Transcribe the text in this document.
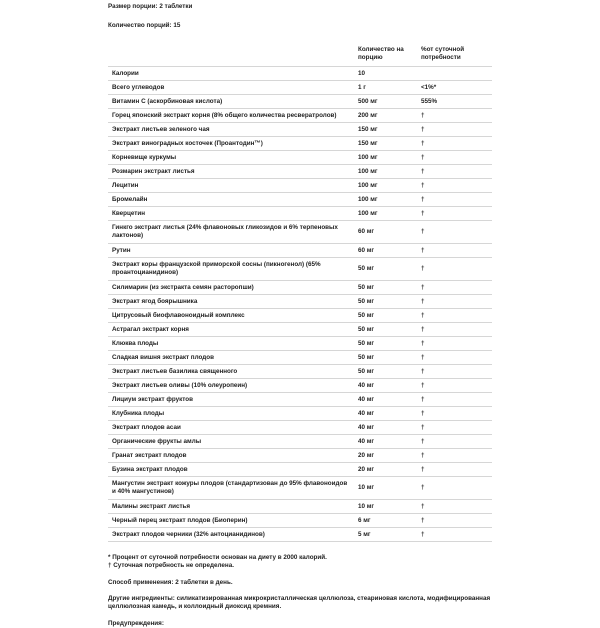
Размер порции: 2 таблетки
Количество порций: 15
	Количество на порцию	%от суточной потребности
Калории	10	
Всего углеводов	1 г	<1%*
Витамин C (аскорбиновая кислота)	500 мг	555%
Горец японский экстракт корня (8% общего количества ресвератролов)	200 мг	†
Экстракт листьев зеленого чая	150 мг	†
Экстракт виноградных косточек (Проантодин™)	150 мг	†
Корневище куркумы	100 мг	†
Розмарин экстракт листья	100 мг	†
Лецитин	100 мг	†
Бромелайн	100 мг	†
Кверцетин	100 мг	†
Гинкго экстракт листья (24% флавоновых гликозидов и 6% терпеновых лактонов)	60 мг	†
Рутин	60 мг	†
Экстракт коры французской приморской сосны (пикногенол) (65% проантоцианидинов)	50 мг	†
Силимарин (из экстракта семян расторопши)	50 мг	†
Экстракт ягод боярышника	50 мг	†
Цитрусовый биофлавоноидный комплекс	50 мг	†
Астрагал экстракт корня	50 мг	†
Клюква плоды	50 мг	†
Сладкая вишня экстракт плодов	50 мг	†
Экстракт листьев базилика священного	50 мг	†
Экстракт листьев оливы (10% олеуропеин)	40 мг	†
Лициум экстракт фруктов	40 мг	†
Клубника плоды	40 мг	†
Экстракт плодов асаи	40 мг	†
Органические фрукты амлы	40 мг	†
Гранат экстракт плодов	20 мг	†
Бузина экстракт плодов	20 мг	†
Мангустин экстракт кожуры плодов (стандартизован до 95% флавоноидов и 40% мангустинов)	10 мг	†
Малины экстракт листья	10 мг	†
Черный перец экстракт плодов (Биоперин)	6 мг	†
Экстракт плодов черники (32% антоцианидинов)	5 мг	†
* Процент от суточной потребности основан на диету в 2000 калорий.
† Суточная потребность не определена.
Способ применения: 2 таблетки в день.
Другие ингредиенты: силикатизированная микрокристаллическая целлюлоза, стеариновая кислота, модифицированная целлюлозная камедь, и коллоидный диоксид кремния.
Предупреждения:
